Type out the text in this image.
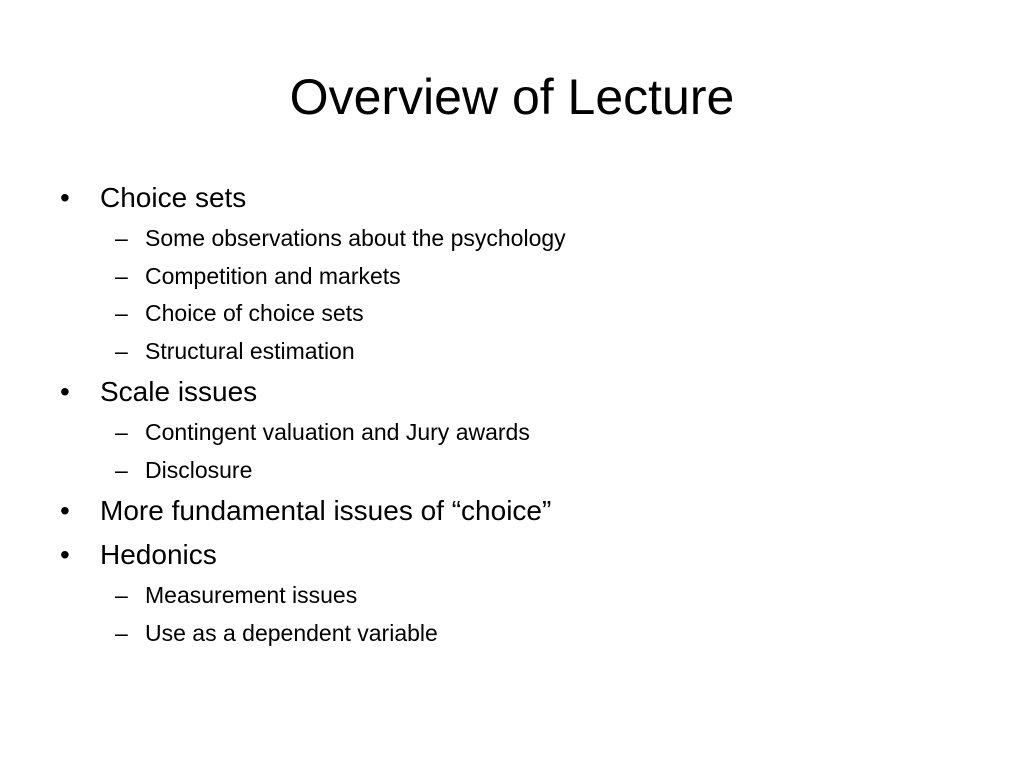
Overview of Lecture
•	Choice sets
– Some observations about the psychology
– Competition and markets
– Choice of choice sets
– Structural estimation
•	Scale issues
– Contingent valuation and Jury awards
– Disclosure
•	More fundamental issues of “choice”
•	Hedonics
– Measurement issues
– Use as a dependent variable
